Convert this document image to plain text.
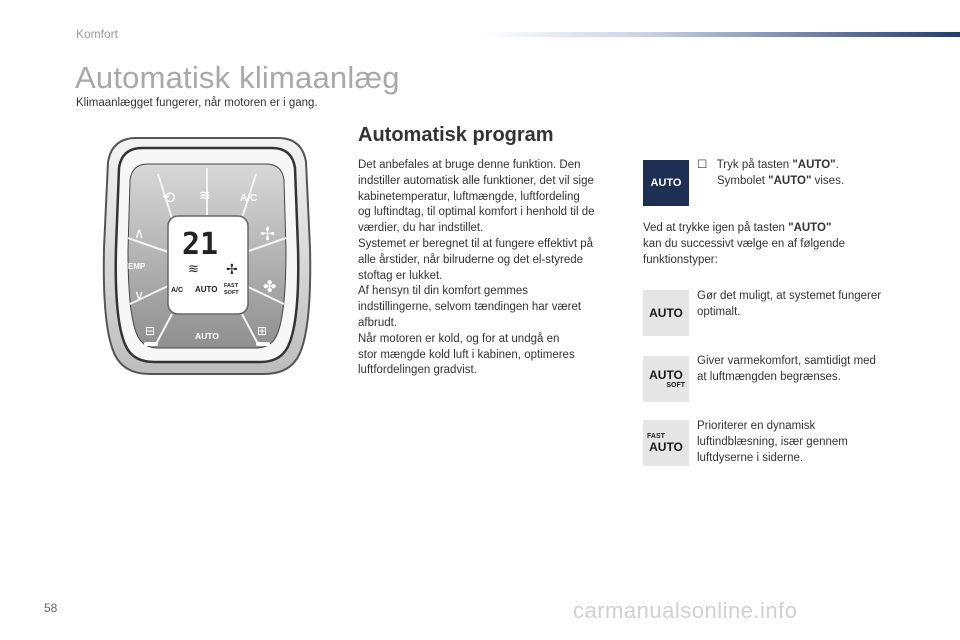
Komfort
Automatisk klimaanlæg
Klimaanlægget fungerer, når motoren er i gang.
⟲ ≋	A/C
∧
TEMP
∨
✢
✤
⊟	AUTO	⊞
21
≋ ✢
A/C AUTO FAST
SOFT
Automatisk program

Det anbefales at bruge denne funktion. Den
indstiller automatisk alle funktioner, det vil sige
kabinetemperatur, luftmængde, luftfordeling
og luftindtag, til optimal komfort i henhold til de
værdier, du har indstillet.

Systemet er beregnet til at fungere effektivt på
alle årstider, når bilruderne og det el-styrede
stoftag er lukket.

Af hensyn til din komfort gemmes
indstillingerne, selvom tændingen har været
afbrudt.

Når motoren er kold, og for at undgå en
stor mængde kold luft i kabinen, optimeres
luftfordelingen gradvist.

AUTO
☐ Tryk på tasten "AUTO".
Symbolet "AUTO" vises.
Ved at trykke igen på tasten "AUTO"
kan du successivt vælge en af følgende
funktionstyper:
AUTO
Gør det muligt, at systemet fungerer
optimalt.
AUTO
SOFT
Giver varmekomfort, samtidigt med
at luftmængden begrænses.
FAST
AUTO
Prioriterer en dynamisk
luftindblæsning, især gennem
luftdyserne i siderne.
58	carmanualsonline.info
